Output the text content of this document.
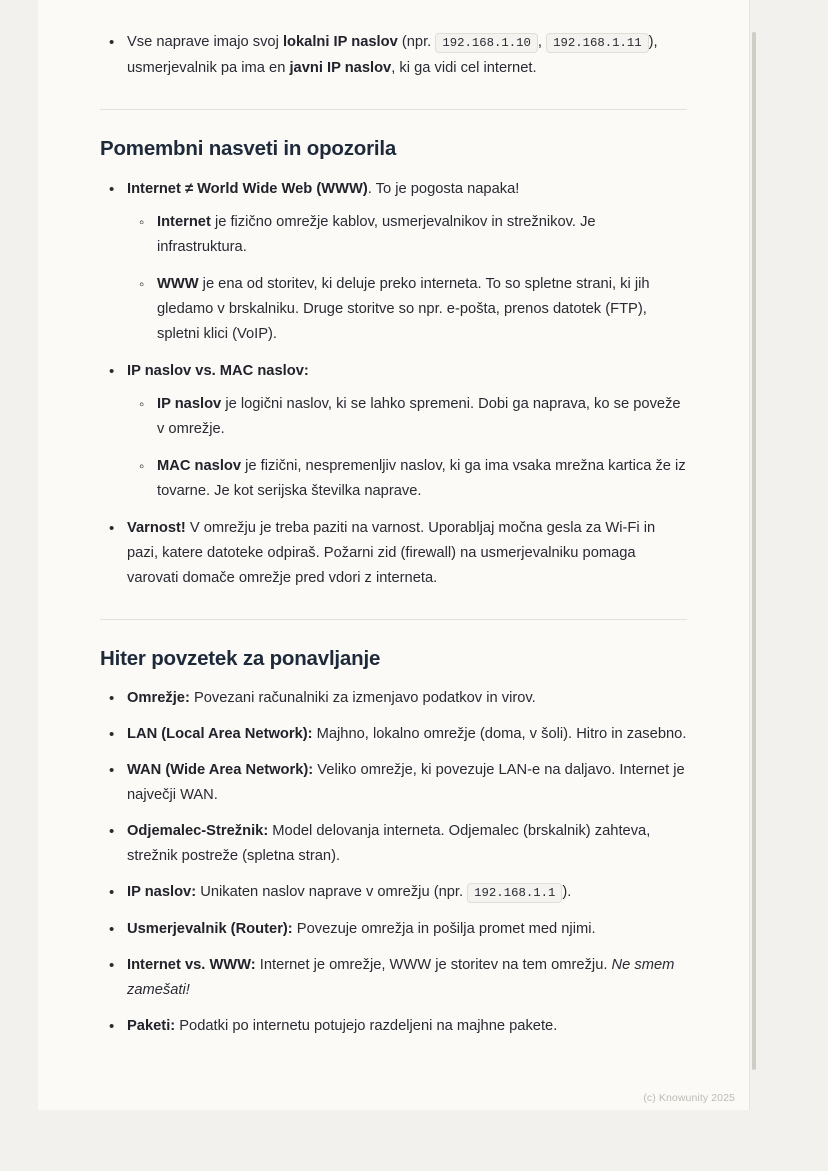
• Vse naprave imajo svoj lokalni IP naslov (npr. 192.168.1.10 , 192.168.1.11 ), usmerjevalnik pa ima en javni IP naslov, ki ga vidi cel internet.
Pomembni nasveti in opozorila
• Internet ≠ World Wide Web (WWW). To je pogosta napaka!
◦ Internet je fizično omrežje kablov, usmerjevalnikov in strežnikov. Je infrastruktura.
◦ WWW je ena od storitev, ki deluje preko interneta. To so spletne strani, ki jih gledamo v brskalniku. Druge storitve so npr. e-pošta, prenos datotek (FTP), spletni klici (VoIP).
• IP naslov vs. MAC naslov:
◦ IP naslov je logični naslov, ki se lahko spremeni. Dobi ga naprava, ko se poveže v omrežje.
◦ MAC naslov je fizični, nespremenljiv naslov, ki ga ima vsaka mrežna kartica že iz tovarne. Je kot serijska številka naprave.
• Varnost! V omrežju je treba paziti na varnost. Uporabljaj močna gesla za Wi-Fi in pazi, katere datoteke odpiraš. Požarni zid (firewall) na usmerjevalniku pomaga varovati domače omrežje pred vdori z interneta.
Hiter povzetek za ponavljanje
• Omrežje: Povezani računalniki za izmenjavo podatkov in virov.
• LAN (Local Area Network): Majhno, lokalno omrežje (doma, v šoli). Hitro in zasebno.
• WAN (Wide Area Network): Veliko omrežje, ki povezuje LAN-e na daljavo. Internet je največji WAN.
• Odjemalec-Strežnik: Model delovanja interneta. Odjemalec (brskalnik) zahteva, strežnik postreže (spletna stran).
• IP naslov: Unikaten naslov naprave v omrežju (npr. 192.168.1.1 ).
• Usmerjevalnik (Router): Povezuje omrežja in pošilja promet med njimi.
• Internet vs. WWW: Internet je omrežje, WWW je storitev na tem omrežju. Ne smem zamešati!
• Paketi: Podatki po internetu potujejo razdeljeni na majhne pakete.
(c) Knowunity 2025
